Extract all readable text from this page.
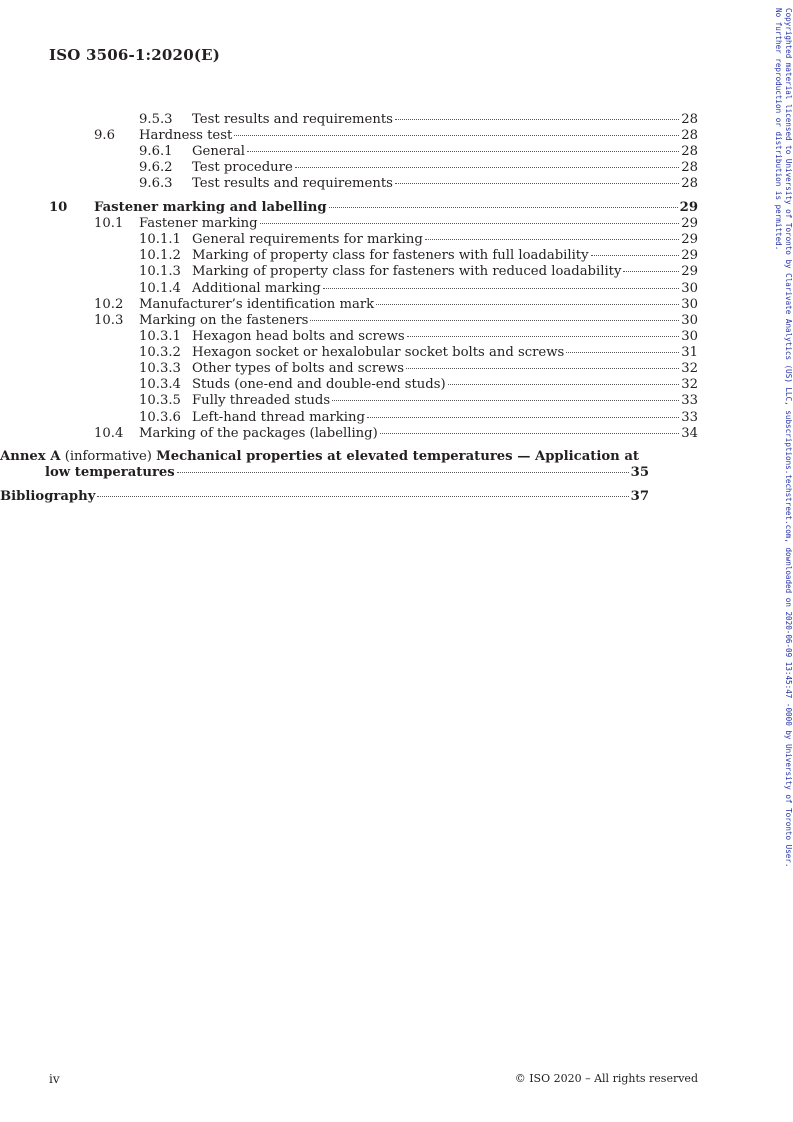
ISO 3506-1:2020(E)
9.5.3 Test results and requirements	28
9.6 Hardness test	28
9.6.1 General	28
9.6.2 Test procedure	28
9.6.3 Test results and requirements	28
10 Fastener marking and labelling	29
10.1 Fastener marking	29
10.1.1 General requirements for marking	29
10.1.2 Marking of property class for fasteners with full loadability	29
10.1.3 Marking of property class for fasteners with reduced loadability	29
10.1.4 Additional marking	30
10.2 Manufacturer’s identification mark	30
10.3 Marking on the fasteners	30
10.3.1 Hexagon head bolts and screws	30
10.3.2 Hexagon socket or hexalobular socket bolts and screws	31
10.3.3 Other types of bolts and screws	32
10.3.4 Studs (one-end and double-end studs)	32
10.3.5 Fully threaded studs	33
10.3.6 Left-hand thread marking	33
10.4 Marking of the packages (labelling)	34
Annex A (informative) Mechanical properties at elevated temperatures — Application at
low temperatures	35
Bibliography	37
iv	© ISO 2020 – All rights reserved
Copyrighted material licensed to University of Toronto by Clarivate Analytics (US) LLC, subscriptions.techstreet.com, downloaded on 2020-06-09 13:45:47 -0000 by University of Toronto User.
No further reproduction or distribution is permitted.
